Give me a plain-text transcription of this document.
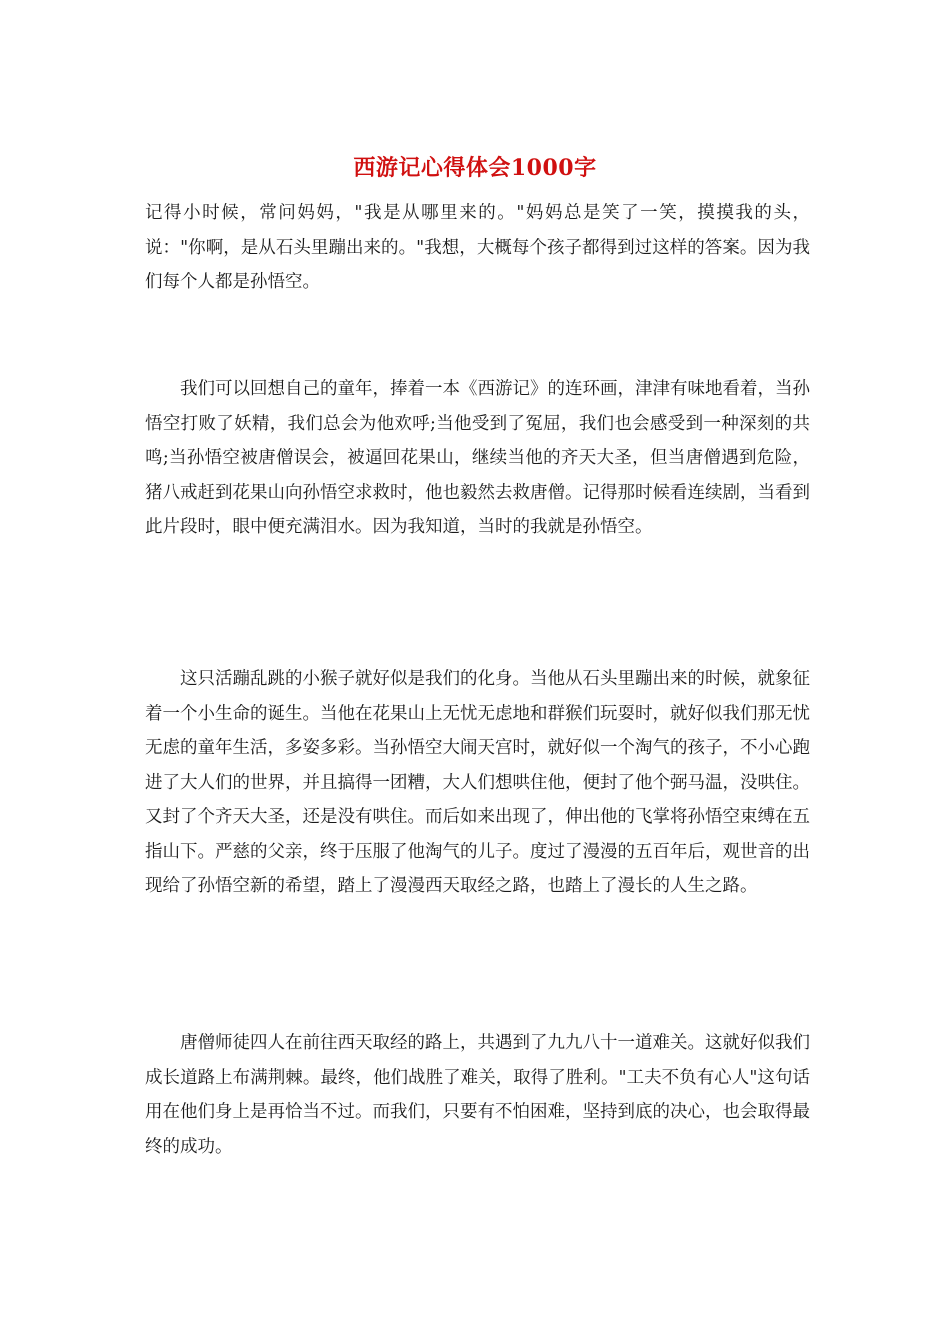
西游记心得体会1000字

记得小时候，常问妈妈，"我是从哪里来的。"妈妈总是笑了一笑，摸摸我的头，说："你啊，是从石头里蹦出来的。"我想，大概每个孩子都得到过这样的答案。因为我们每个人都是孙悟空。

我们可以回想自己的童年，捧着一本《西游记》的连环画，津津有味地看着，当孙悟空打败了妖精，我们总会为他欢呼;当他受到了冤屈，我们也会感受到一种深刻的共鸣;当孙悟空被唐僧误会，被逼回花果山，继续当他的齐天大圣，但当唐僧遇到危险，猪八戒赶到花果山向孙悟空求救时，他也毅然去救唐僧。记得那时候看连续剧，当看到此片段时，眼中便充满泪水。因为我知道，当时的我就是孙悟空。

这只活蹦乱跳的小猴子就好似是我们的化身。当他从石头里蹦出来的时候，就象征着一个小生命的诞生。当他在花果山上无忧无虑地和群猴们玩耍时，就好似我们那无忧无虑的童年生活，多姿多彩。当孙悟空大闹天宫时，就好似一个淘气的孩子，不小心跑进了大人们的世界，并且搞得一团糟，大人们想哄住他，便封了他个弼马温，没哄住。又封了个齐天大圣，还是没有哄住。而后如来出现了，伸出他的飞掌将孙悟空束缚在五指山下。严慈的父亲，终于压服了他淘气的儿子。度过了漫漫的五百年后，观世音的出现给了孙悟空新的希望，踏上了漫漫西天取经之路，也踏上了漫长的人生之路。

唐僧师徒四人在前往西天取经的路上，共遇到了九九八十一道难关。这就好似我们成长道路上布满荆棘。最终，他们战胜了难关，取得了胜利。"工夫不负有心人"这句话用在他们身上是再恰当不过。而我们，只要有不怕困难，坚持到底的决心，也会取得最终的成功。
